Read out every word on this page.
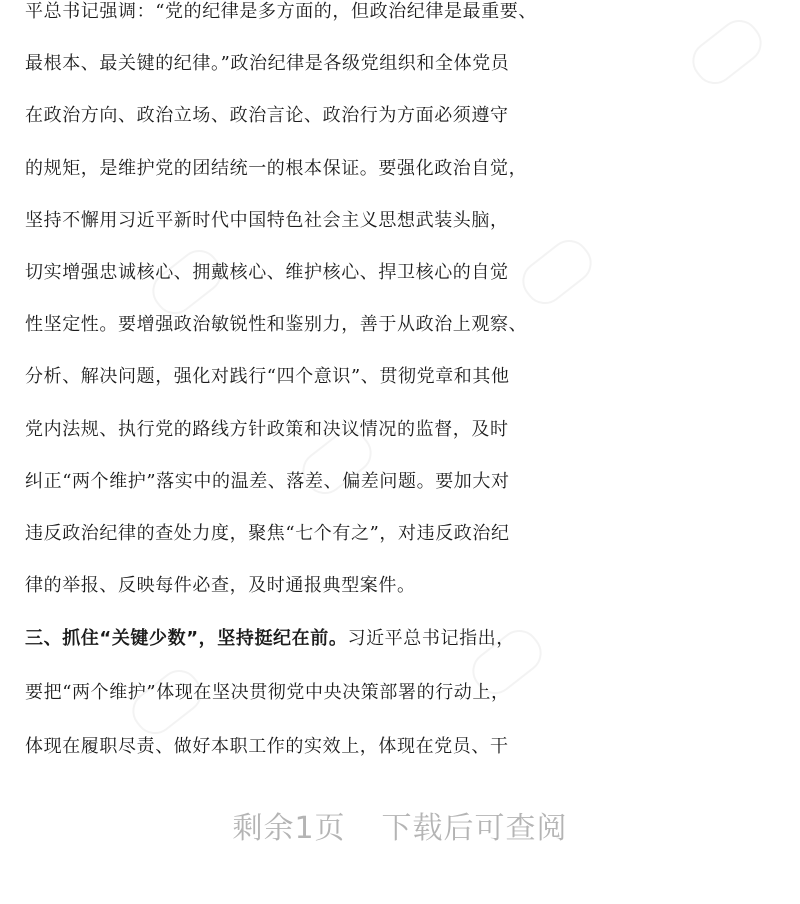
平总书记强调：“党的纪律是多方面的，但政治纪律是最重要、
最根本、最关键的纪律。”政治纪律是各级党组织和全体党员
在政治方向、政治立场、政治言论、政治行为方面必须遵守
的规矩，是维护党的团结统一的根本保证。要强化政治自觉，
坚持不懈用习近平新时代中国特色社会主义思想武装头脑，
切实增强忠诚核心、拥戴核心、维护核心、捍卫核心的自觉
性坚定性。要增强政治敏锐性和鉴别力，善于从政治上观察、
分析、解决问题，强化对践行“四个意识”、贯彻党章和其他
党内法规、执行党的路线方针政策和决议情况的监督，及时
纠正“两个维护”落实中的温差、落差、偏差问题。要加大对
违反政治纪律的查处力度，聚焦“七个有之”，对违反政治纪
律的举报、反映每件必查，及时通报典型案件。
三、抓住“关键少数”，坚持挺纪在前。习近平总书记指出，
要把“两个维护”体现在坚决贯彻党中央决策部署的行动上，
体现在履职尽责、做好本职工作的实效上，体现在党员、干
剩余1页 下载后可查阅
